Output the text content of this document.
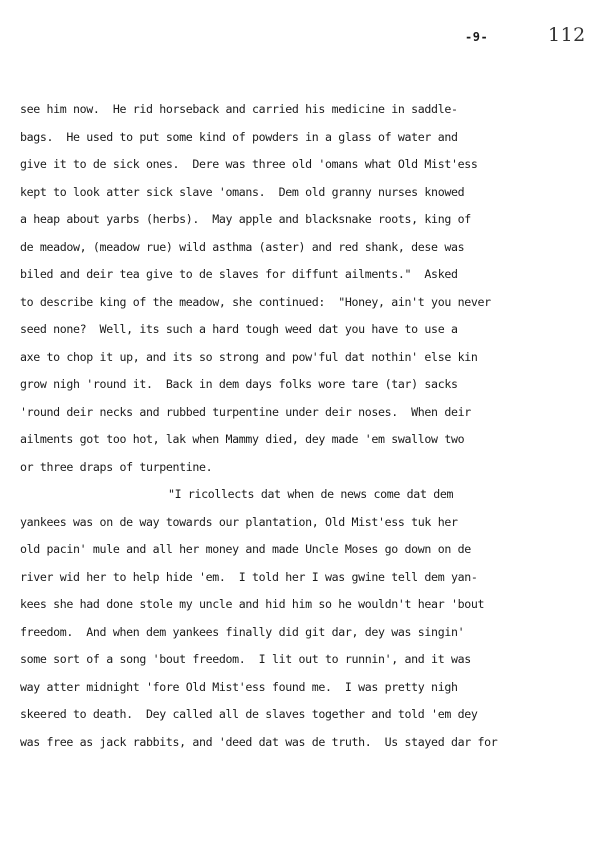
-9-	112
see him now.  He rid horseback and carried his medicine in saddle-
bags.  He used to put some kind of powders in a glass of water and
give it to de sick ones.  Dere was three old 'omans what Old Mist'ess
kept to look atter sick slave 'omans.  Dem old granny nurses knowed
a heap about yarbs (herbs).  May apple and blacksnake roots, king of
de meadow, (meadow rue) wild asthma (aster) and red shank, dese was
biled and deir tea give to de slaves for diffunt ailments."  Asked
to describe king of the meadow, she continued:  "Honey, ain't you never
seed none?  Well, its such a hard tough weed dat you have to use a
axe to chop it up, and its so strong and pow'ful dat nothin' else kin
grow nigh 'round it.  Back in dem days folks wore tare (tar) sacks
'round deir necks and rubbed turpentine under deir noses.  When deir
ailments got too hot, lak when Mammy died, dey made 'em swallow two
or three draps of turpentine.
"I ricollects dat when de news come dat dem
yankees was on de way towards our plantation, Old Mist'ess tuk her
old pacin' mule and all her money and made Uncle Moses go down on de
river wid her to help hide 'em.  I told her I was gwine tell dem yan-
kees she had done stole my uncle and hid him so he wouldn't hear 'bout
freedom.  And when dem yankees finally did git dar, dey was singin'
some sort of a song 'bout freedom.  I lit out to runnin', and it was
way atter midnight 'fore Old Mist'ess found me.  I was pretty nigh
skeered to death.  Dey called all de slaves together and told 'em dey
was free as jack rabbits, and 'deed dat was de truth.  Us stayed dar for
